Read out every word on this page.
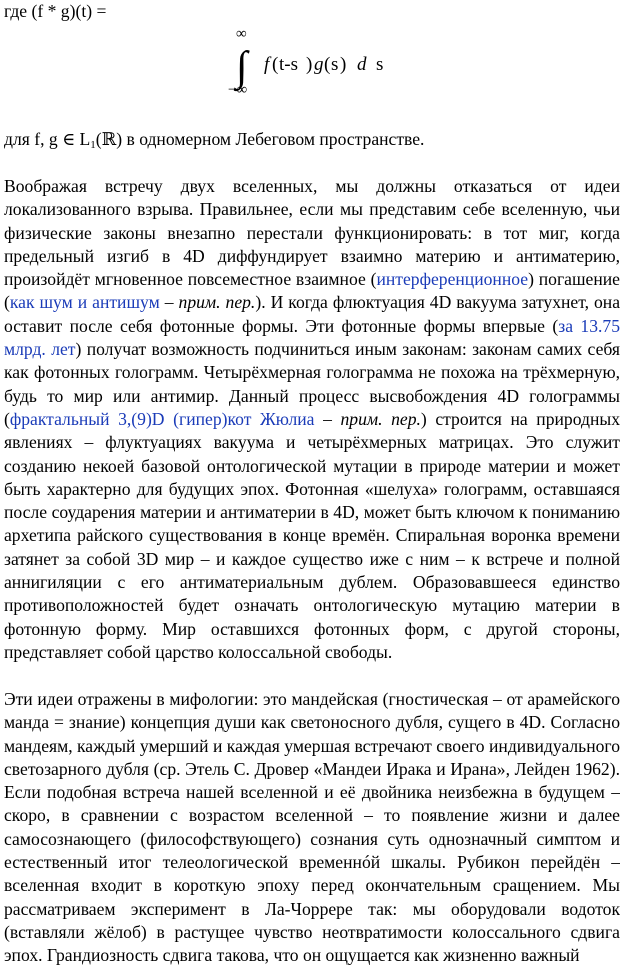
где (f * g)(t) =
∞
∫
−∞
f ( t-s ) g ( s ) d s
для f, g ∈ $L_1(ℝ)$ в одномерном Лебеговом пространстве.

Воображая встречу двух вселенных, мы должны отказаться от идеи локализованного взрыва. Правильнее, если мы представим себе вселенную, чьи физические законы внезапно перестали функционировать: в тот миг, когда предельный изгиб в 4D диффундирует взаимно материю и антиматерию, произойдёт мгновенное повсеместное взаимное (интерференционное) погашение (как шум и антишум – прим. пер.). И когда флюктуация 4D вакуума затухнет, она оставит после себя фотонные формы. Эти фотонные формы впервые (за 13.75 млрд. лет) получат возможность подчиниться иным законам: законам самих себя как фотонных голограмм. Четырёхмерная голограмма не похожа на трёхмерную, будь то мир или антимир. Данный процесс высвобождения 4D голограммы (фрактальный 3,(9)D (гипер)кот Жюлиа – прим. пер.) строится на природных явлениях – флуктуациях вакуума и четырёхмерных матрицах. Это служит созданию некоей базовой онтологической мутации в природе материи и может быть характерно для будущих эпох. Фотонная «шелуха» голограмм, оставшаяся после соударения материи и антиматерии в 4D, может быть ключом к пониманию архетипа райского существования в конце времён. Спиральная воронка времени затянет за собой 3D мир – и каждое существо иже с ним – к встрече и полной аннигиляции с его антиматериальным дублем. Образовавшееся единство противоположностей будет означать онтологическую мутацию материи в фотонную форму. Мир оставшихся фотонных форм, с другой стороны, представляет собой царство колоссальной свободы.

Эти идеи отражены в мифологии: это мандейская (гностическая – от арамейского манда = знание) концепция души как светоносного дубля, сущего в 4D. Согласно мандеям, каждый умерший и каждая умершая встречают своего индивидуального светозарного дубля (ср. Этель С. Дровер «Мандеи Ирака и Ирана», Лейден 1962). Если подобная встреча нашей вселенной и её двойника неизбежна в будущем – скоро, в сравнении с возрастом вселенной – то появление жизни и далее самосознающего (философствующего) сознания суть однозначный симптом и естественный итог телеологической временнóй шкалы. Рубикон перейдён – вселенная входит в короткую эпоху перед окончательным сращением. Мы рассматриваем эксперимент в Ла-Чоррере так: мы оборудовали водоток (вставляли жёлоб) в растущее чувство неотвратимости колоссального сдвига эпох. Грандиозность сдвига такова, что он ощущается как жизненно важный
